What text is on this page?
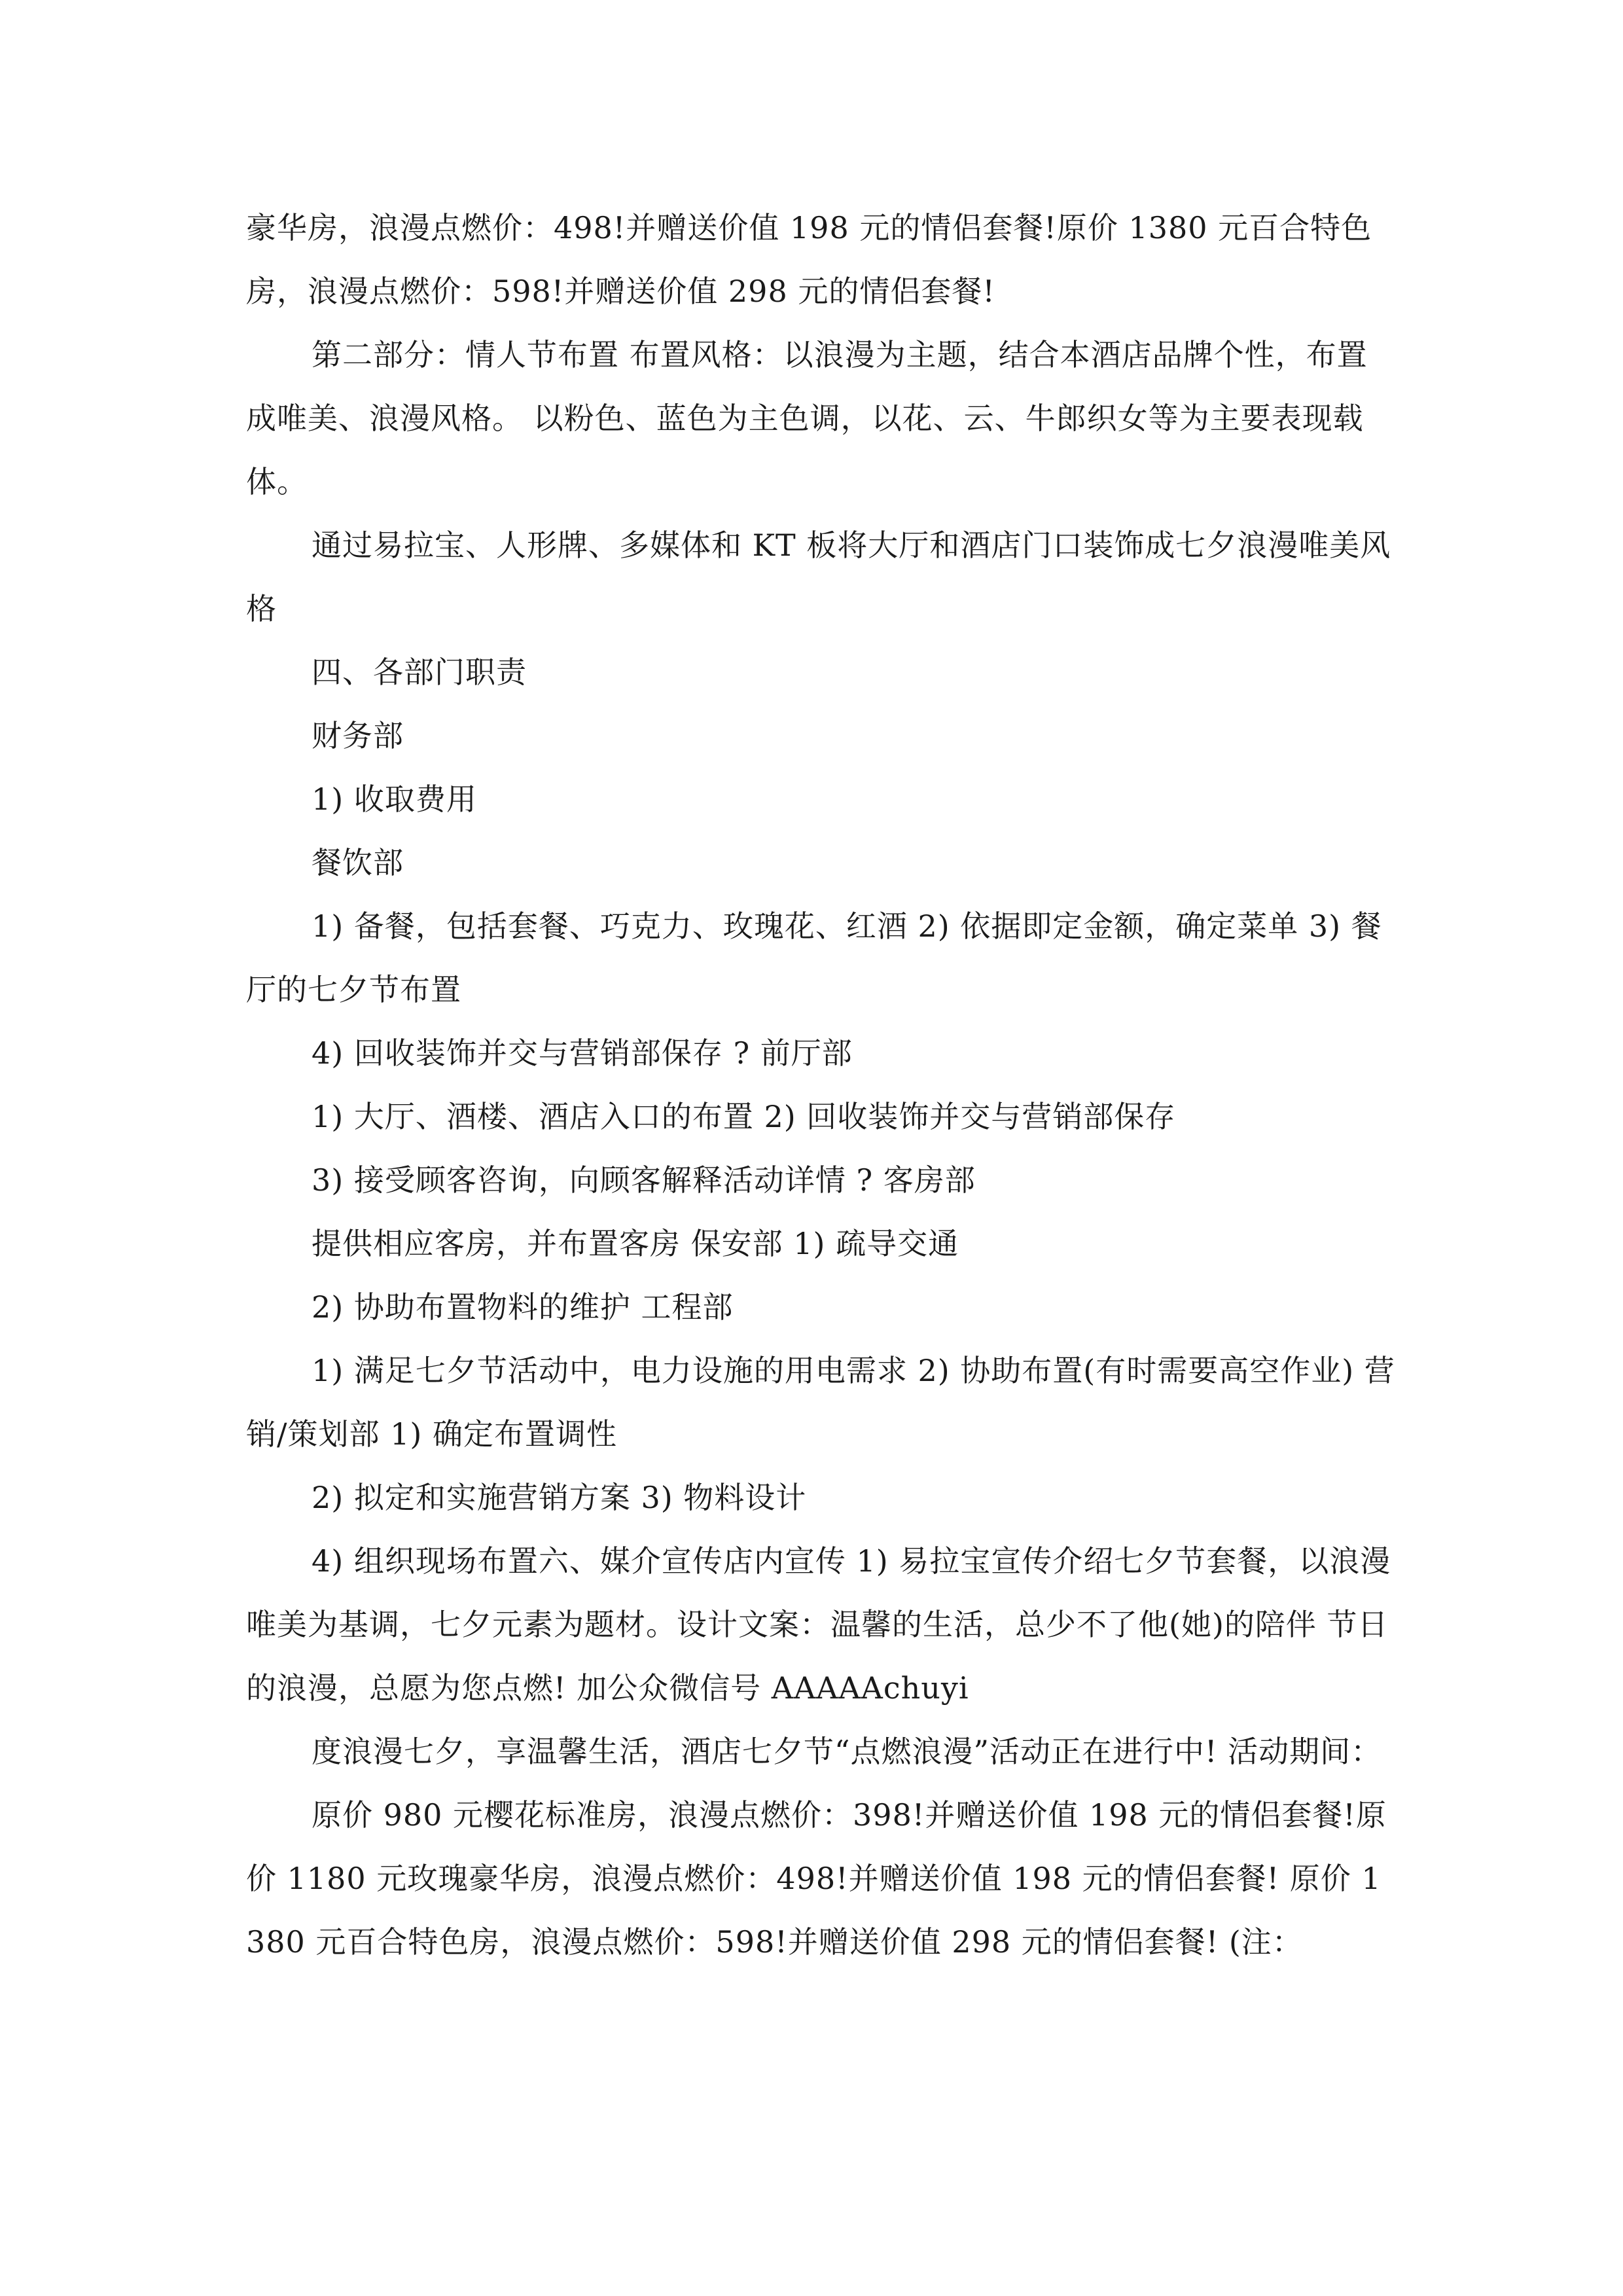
豪华房，浪漫点燃价：498!并赠送价值 198 元的情侣套餐!原价 1380 元百合特色房，浪漫点燃价：598!并赠送价值 298 元的情侣套餐!

第二部分：情人节布置 布置风格：以浪漫为主题，结合本酒店品牌个性，布置成唯美、浪漫风格。 以粉色、蓝色为主色调，以花、云、牛郎织女等为主要表现载体。

通过易拉宝、人形牌、多媒体和 KT 板将大厅和酒店门口装饰成七夕浪漫唯美风格

四、各部门职责

财务部

1) 收取费用

餐饮部

1) 备餐，包括套餐、巧克力、玫瑰花、红酒 2) 依据即定金额，确定菜单 3) 餐厅的七夕节布置

4) 回收装饰并交与营销部保存 ? 前厅部

1) 大厅、酒楼、酒店入口的布置 2) 回收装饰并交与营销部保存

3) 接受顾客咨询，向顾客解释活动详情 ? 客房部

提供相应客房，并布置客房 保安部 1) 疏导交通

2) 协助布置物料的维护 工程部

1) 满足七夕节活动中，电力设施的用电需求 2) 协助布置(有时需要高空作业) 营销/策划部 1) 确定布置调性

2) 拟定和实施营销方案 3) 物料设计

4) 组织现场布置六、媒介宣传店内宣传 1) 易拉宝宣传介绍七夕节套餐，以浪漫唯美为基调，七夕元素为题材。设计文案：温馨的生活，总少不了他(她)的陪伴 节日的浪漫，总愿为您点燃! 加公众微信号 AAAAAchuyi

度浪漫七夕，享温馨生活，酒店七夕节“点燃浪漫”活动正在进行中! 活动期间：

原价 980 元樱花标准房，浪漫点燃价：398!并赠送价值 198 元的情侣套餐!原价 1180 元玫瑰豪华房，浪漫点燃价：498!并赠送价值 198 元的情侣套餐! 原价 1380 元百合特色房，浪漫点燃价：598!并赠送价值 298 元的情侣套餐! (注：
